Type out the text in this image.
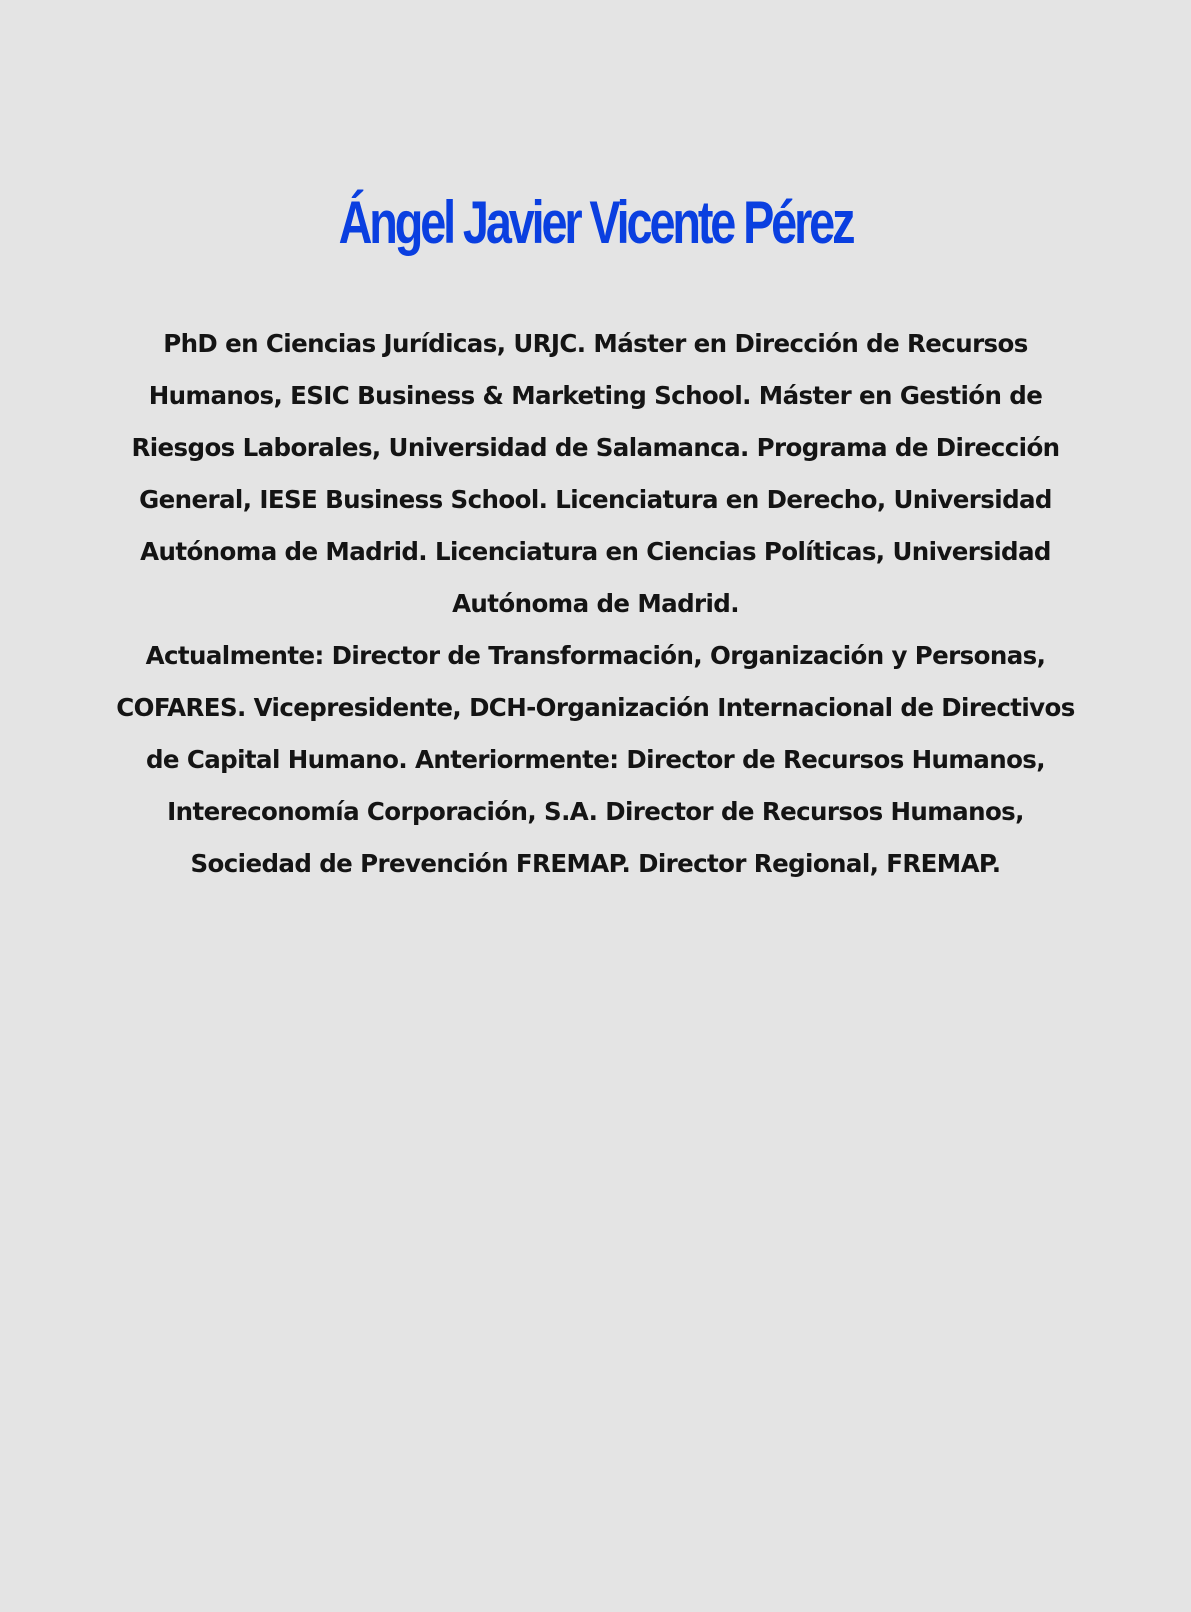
Ángel Javier Vicente Pérez

PhD en Ciencias Jurídicas, URJC. Máster en Dirección de Recursos Humanos, ESIC Business & Marketing School. Máster en Gestión de Riesgos Laborales, Universidad de Salamanca. Programa de Dirección General, IESE Business School. Licenciatura en Derecho, Universidad Autónoma de Madrid. Licenciatura en Ciencias Políticas, Universidad Autónoma de Madrid.

Actualmente: Director de Transformación, Organización y Personas, COFARES. Vicepresidente, DCH-Organización Internacional de Directivos de Capital Humano. Anteriormente: Director de Recursos Humanos, Intereconomía Corporación, S.A. Director de Recursos Humanos, Sociedad de Prevención FREMAP. Director Regional, FREMAP.
